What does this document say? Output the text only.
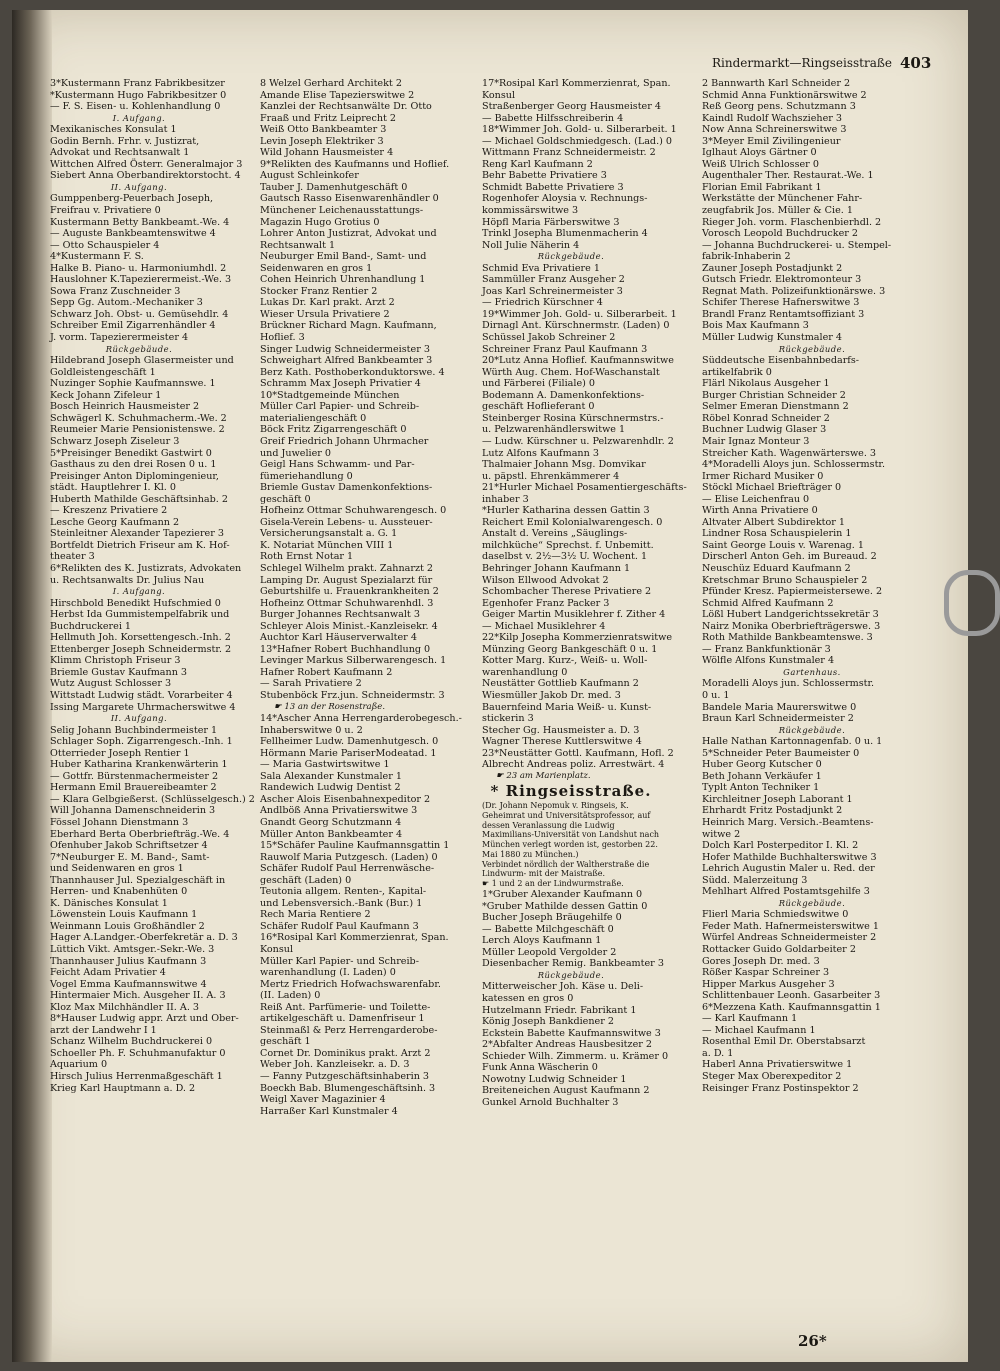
Rindermarkt—Ringseisstraße 403
3*Kustermann Franz Fabrikbesitzer
*Kustermann Hugo Fabrikbesitzer 0
— F. S. Eisen- u. Kohlenhandlung 0
I. Aufgang.
Mexikanisches Konsulat 1
Godin Bernh. Frhr. v. Justizrat,
Advokat und Rechtsanwalt 1
Wittchen Alfred Österr. Generalmajor 3
Siebert Anna Oberbandirektorstocht. 4
II. Aufgang.
Gumppenberg-Peuerbach Joseph,
Freifrau v. Privatiere 0
Kustermann Betty Bankbeamt.-We. 4
— Auguste Bankbeamtenswitwe 4
— Otto Schauspieler 4
4*Kustermann F. S.
Halke B. Piano- u. Harmoniumhdl. 2
Hauslohner K.Tapezierermeist.-We. 3
Sowa Franz Zuschneider 3
Sepp Gg. Autom.-Mechaniker 3
Schwarz Joh. Obst- u. Gemüsehdlr. 4
Schreiber Emil Zigarrenhändler 4
J. vorm. Tapezierermeister 4
Rückgebäude.
Hildebrand Joseph Glasermeister und
Goldleistengeschäft 1
Nuzinger Sophie Kaufmannswe. 1
Keck Johann Zifeleur 1
Bosch Heinrich Hausmeister 2
Schwägerl K. Schuhmacherm.-We. 2
Reumeier Marie Pensionistenswe. 2
Schwarz Joseph Ziseleur 3
5*Preisinger Benedikt Gastwirt 0
Gasthaus zu den drei Rosen 0 u. 1
Preisinger Anton Diplomingenieur,
städt. Hauptlehrer I. Kl. 0
Huberth Mathilde Geschäftsinhab. 2
— Kreszenz Privatiere 2
Lesche Georg Kaufmann 2
Steinleitner Alexander Tapezierer 3
Bortfeldt Dietrich Friseur am K. Hof-
theater 3
6*Relikten des K. Justizrats, Advokaten
u. Rechtsanwalts Dr. Julius Nau
I. Aufgang.
Hirschbold Benedikt Hufschmied 0
Herbst Ida Gummistempelfabrik und
Buchdruckerei 1
Hellmuth Joh. Korsettengesch.-Inh. 2
Ettenberger Joseph Schneidermstr. 2
Klimm Christoph Friseur 3
Briemle Gustav Kaufmann 3
Wutz August Schlosser 3
Wittstadt Ludwig städt. Vorarbeiter 4
Issing Margarete Uhrmacherswitwe 4
II. Aufgang.
Selig Johann Buchbindermeister 1
Schlager Soph. Zigarrengesch.-Inh. 1
Otterrieder Joseph Rentier 1
Huber Katharina Krankenwärterin 1
— Gottfr. Bürstenmachermeister 2
Hermann Emil Brauereibeamter 2
— Klara Gelbgießerst. (Schlüsselgesch.) 2
Will Johanna Damenschneiderin 3
Fössel Johann Dienstmann 3
Eberhard Berta Oberbriefträg.-We. 4
Ofenhuber Jakob Schriftsetzer 4
7*Neuburger E. M. Band-, Samt-
und Seidenwaren en gros 1
Thannhauser Jul. Spezialgeschäft in
Herren- und Knabenhüten 0
K. Dänisches Konsulat 1
Löwenstein Louis Kaufmann 1
Weinmann Louis Großhändler 2
Hager A.Landger.-Oberfekretär a. D. 3
Lüttich Vikt. Amtsger.-Sekr.-We. 3
Thannhauser Julius Kaufmann 3
Feicht Adam Privatier 4
Vogel Emma Kaufmannswitwe 4
Hintermaier Mich. Ausgeher II. A. 3
Kloz Max Milchhändler II. A. 3
8*Hauser Ludwig appr. Arzt und Ober-
arzt der Landwehr I 1
Schanz Wilhelm Buchdruckerei 0
Schoeller Ph. F. Schuhmanufaktur 0
Aquarium 0
Hirsch Julius Herrenmaßgeschäft 1
Krieg Karl Hauptmann a. D. 2
8 Welzel Gerhard Architekt 2
Amande Elise Tapezierswitwe 2
Kanzlei der Rechtsanwälte Dr. Otto
Fraaß und Fritz Leiprecht 2
Weiß Otto Bankbeamter 3
Levin Joseph Elektriker 3
Wild Johann Hausmeister 4
9*Relikten des Kaufmanns und Hoflief.
August Schleinkofer
Tauber J. Damenhutgeschäft 0
Gautsch Rasso Eisenwarenhändler 0
Münchener Leichenausstattungs-
Magazin Hugo Grotius 0
Lohrer Anton Justizrat, Advokat und
Rechtsanwalt 1
Neuburger Emil Band-, Samt- und
Seidenwaren en gros 1
Cohen Heinrich Uhrenhandlung 1
Stocker Franz Rentier 2
Lukas Dr. Karl prakt. Arzt 2
Wieser Ursula Privatiere 2
Brückner Richard Magn. Kaufmann,
Hoflief. 3
Singer Ludwig Schneidermeister 3
Schweighart Alfred Bankbeamter 3
Berz Kath. Posthoberkonduktorswe. 4
Schramm Max Joseph Privatier 4
10*Stadtgemeinde München
Müller Carl Papier- und Schreib-
materialiengeschäft 0
Böck Fritz Zigarrengeschäft 0
Greif Friedrich Johann Uhrmacher
und Juwelier 0
Geigl Hans Schwamm- und Par-
fümeriehandlung 0
Briemle Gustav Damenkonfektions-
geschäft 0
Hofheinz Ottmar Schuhwarengesch. 0
Gisela-Verein Lebens- u. Aussteuer-
Versicherungsanstalt a. G. 1
K. Notariat München VIII 1
Roth Ernst Notar 1
Schlegel Wilhelm prakt. Zahnarzt 2
Lamping Dr. August Spezialarzt für
Geburtshilfe u. Frauenkrankheiten 2
Hofheinz Ottmar Schuhwarenhdl. 3
Burger Johannes Rechtsanwalt 3
Schleyer Alois Minist.-Kanzleisekr. 4
Auchtor Karl Häuserverwalter 4
13*Hafner Robert Buchhandlung 0
Levinger Markus Silberwarengesch. 1
Hafner Robert Kaufmann 2
— Sarah Privatiere 2
Stubenböck Frz.jun. Schneidermstr. 3
☛ 13 an der Rosenstraße.
14*Ascher Anna Herrengarderobegesch.-
Inhaberswitwe 0 u. 2
Fellheimer Ludw. Damenhutgesch. 0
Hörmann Marie PariserModeatad. 1
— Maria Gastwirtswitwe 1
Sala Alexander Kunstmaler 1
Randewich Ludwig Dentist 2
Ascher Alois Eisenbahnexpeditor 2
Andlböß Anna Privatierswitwe 3
Gnandt Georg Schutzmann 4
Müller Anton Bankbeamter 4
15*Schäfer Pauline Kaufmannsgattin 1
Rauwolf Maria Putzgesch. (Laden) 0
Schäfer Rudolf Paul Herrenwäsche-
geschäft (Laden) 0
Teutonia allgem. Renten-, Kapital-
und Lebensversich.-Bank (Bur.) 1
Rech Maria Rentiere 2
Schäfer Rudolf Paul Kaufmann 3
16*Rosipal Karl Kommerzienrat, Span.
Konsul
Müller Karl Papier- und Schreib-
warenhandlung (I. Laden) 0
Mertz Friedrich Hofwachswarenfabr.
(II. Laden) 0
Reiß Ant. Parfümerie- und Toilette-
artikelgeschäft u. Damenfriseur 1
Steinmaßl & Perz Herrengarderobe-
geschäft 1
Cornet Dr. Dominikus prakt. Arzt 2
Weber Joh. Kanzleisekr. a. D. 3
— Fanny Putzgeschäftsinhaberin 3
Boeckh Bab. Blumengeschäftsinh. 3
Weigl Xaver Magazinier 4
Harraßer Karl Kunstmaler 4
17*Rosipal Karl Kommerzienrat, Span.
Konsul
Straßenberger Georg Hausmeister 4
— Babette Hilfsschreiberin 4
18*Wimmer Joh. Gold- u. Silberarbeit. 1
— Michael Goldschmiedgesch. (Lad.) 0
Wittmann Franz Schneidermeistr. 2
Reng Karl Kaufmann 2
Behr Babette Privatiere 3
Schmidt Babette Privatiere 3
Rogenhofer Aloysia v. Rechnungs-
kommissärswitwe 3
Höpfl Maria Färberswitwe 3
Trinkl Josepha Blumenmacherin 4
Noll Julie Näherin 4
Rückgebäude.
Schmid Eva Privatiere 1
Sammüller Franz Ausgeher 2
Joas Karl Schreinermeister 3
— Friedrich Kürschner 4
19*Wimmer Joh. Gold- u. Silberarbeit. 1
Dirnagl Ant. Kürschnermstr. (Laden) 0
Schüssel Jakob Schreiner 2
Schreiner Franz Paul Kaufmann 3
20*Lutz Anna Hoflief. Kaufmannswitwe
Würth Aug. Chem. Hof-Waschanstalt
und Färberei (Filiale) 0
Bodemann A. Damenkonfektions-
geschäft Hoflieferant 0
Steinberger Rosina Kürschnermstrs.-
u. Pelzwarenhändlerswitwe 1
— Ludw. Kürschner u. Pelzwarenhdlr. 2
Lutz Alfons Kaufmann 3
Thalmaier Johann Msg. Domvikar
u. päpstl. Ehrenkämmerer 4
21*Hurler Michael Posamentiergeschäfts-
inhaber 3
*Hurler Katharina dessen Gattin 3
Reichert Emil Kolonialwarengesch. 0
Anstalt d. Vereins „Säuglings-
milchküche“ Sprechst. f. Unbemitt.
daselbst v. 2½—3½ U. Wochent. 1
Behringer Johann Kaufmann 1
Wilson Ellwood Advokat 2
Schombacher Therese Privatiere 2
Egenhofer Franz Packer 3
Geiger Martin Musiklehrer f. Zither 4
— Michael Musiklehrer 4
22*Kilp Josepha Kommerzienratswitwe
Münzing Georg Bankgeschäft 0 u. 1
Kotter Marg. Kurz-, Weiß- u. Woll-
warenhandlung 0
Neustätter Gottlieb Kaufmann 2
Wiesmüller Jakob Dr. med. 3
Bauernfeind Maria Weiß- u. Kunst-
stickerin 3
Stecher Gg. Hausmeister a. D. 3
Wagner Therese Kuttlerswitwe 4
23*Neustätter Gottl. Kaufmann, Hofl. 2
Albrecht Andreas poliz. Arrestwärt. 4
☛ 23 am Marienplatz.
* Ringseisstraße.
(Dr. Johann Nepomuk v. Ringseis, K. Geheimrat und Universitätsprofessor, auf dessen Veranlassung die Ludwig Maximilians-Universität von Landshut nach München verlegt worden ist, gestorben 22. Mai 1880 zu München.)
Verbindet nördlich der Waltherstraße die Lindwurm- mit der Maistraße.
☛ 1 und 2 an der Lindwurmstraße.
1*Gruber Alexander Kaufmann 0
*Gruber Mathilde dessen Gattin 0
Bucher Joseph Bräugehilfe 0
— Babette Milchgeschäft 0
Lerch Aloys Kaufmann 1
Müller Leopold Vergolder 2
Diesenbacher Remig. Bankbeamter 3
Rückgebäude.
Mitterweischer Joh. Käse u. Deli-
katessen en gros 0
Hutzelmann Friedr. Fabrikant 1
König Joseph Bankdiener 2
Eckstein Babette Kaufmannswitwe 3
2*Abfalter Andreas Hausbesitzer 2
Schieder Wilh. Zimmerm. u. Krämer 0
Funk Anna Wäscherin 0
Nowotny Ludwig Schneider 1
Breiteneichen August Kaufmann 2
Gunkel Arnold Buchhalter 3
2 Bannwarth Karl Schneider 2
Schmid Anna Funktionärswitwe 2
Reß Georg pens. Schutzmann 3
Kaindl Rudolf Wachszieher 3
Now Anna Schreinerswitwe 3
3*Meyer Emil Zivilingenieur
Iglhaut Aloys Gärtner 0
Weiß Ulrich Schlosser 0
Augenthaler Ther. Restaurat.-We. 1
Florian Emil Fabrikant 1
Werkstätte der Münchener Fahr-
zeugfabrik Jos. Müller & Cie. 1
Rieger Joh. vorm. Flaschenbierhdl. 2
Vorosch Leopold Buchdrucker 2
— Johanna Buchdruckerei- u. Stempel-
fabrik-Inhaberin 2
Zauner Joseph Postadjunkt 2
Gutsch Friedr. Elektromonteur 3
Regnat Math. Polizeifunktionärswe. 3
Schifer Therese Hafnerswitwe 3
Brandl Franz Rentamtsoffiziant 3
Bois Max Kaufmann 3
Müller Ludwig Kunstmaler 4
Rückgebäude.
Süddeutsche Eisenbahnbedarfs-
artikelfabrik 0
Flärl Nikolaus Ausgeher 1
Burger Christian Schneider 2
Selmer Emeran Dienstmann 2
Röbel Konrad Schneider 2
Buchner Ludwig Glaser 3
Mair Ignaz Monteur 3
Streicher Kath. Wagenwärterswe. 3
4*Moradelli Aloys jun. Schlossermstr.
Irmer Richard Musiker 0
Stöckl Michael Briefträger 0
— Elise Leichenfrau 0
Wirth Anna Privatiere 0
Altvater Albert Subdirektor 1
Lindner Rosa Schauspielerin 1
Saint George Louis v. Warenag. 1
Dirscherl Anton Geh. im Bureaud. 2
Neuschüz Eduard Kaufmann 2
Kretschmar Bruno Schauspieler 2
Pfünder Kresz. Papiermeistersewe. 2
Schmid Alfred Kaufmann 2
Lößl Hubert Landgerichtssekretär 3
Nairz Monika Oberbriefträgerswe. 3
Roth Mathilde Bankbeamtenswe. 3
— Franz Bankfunktionär 3
Wölfle Alfons Kunstmaler 4
Gartenhaus.
Moradelli Aloys jun. Schlossermstr.
0 u. 1
Bandele Maria Maurerswitwe 0
Braun Karl Schneidermeister 2
Rückgebäude.
Halle Nathan Kartonnagenfab. 0 u. 1
5*Schneider Peter Baumeister 0
Huber Georg Kutscher 0
Beth Johann Verkäufer 1
Typlt Anton Techniker 1
Kirchleitner Joseph Laborant 1
Ehrhardt Fritz Postadjunkt 2
Heinrich Marg. Versich.-Beamtens-
witwe 2
Dolch Karl Posterpeditor I. Kl. 2
Hofer Mathilde Buchhalterswitwe 3
Lehrich Augustin Maler u. Red. der
Südd. Malerzeitung 3
Mehlhart Alfred Postamtsgehilfe 3
Rückgebäude.
Flierl Maria Schmiedswitwe 0
Feder Math. Hafnermeisterswitwe 1
Würfel Andreas Schneidermeister 2
Rottacker Guido Goldarbeiter 2
Gores Joseph Dr. med. 3
Rößer Kaspar Schreiner 3
Hipper Markus Ausgeher 3
Schlittenbauer Leonh. Gasarbeiter 3
6*Mezzena Kath. Kaufmannsgattin 1
— Karl Kaufmann 1
— Michael Kaufmann 1
Rosenthal Emil Dr. Oberstabsarzt
a. D. 1
Haberl Anna Privatierswitwe 1
Steger Max Oberexpeditor 2
Reisinger Franz Postinspektor 2
26*
